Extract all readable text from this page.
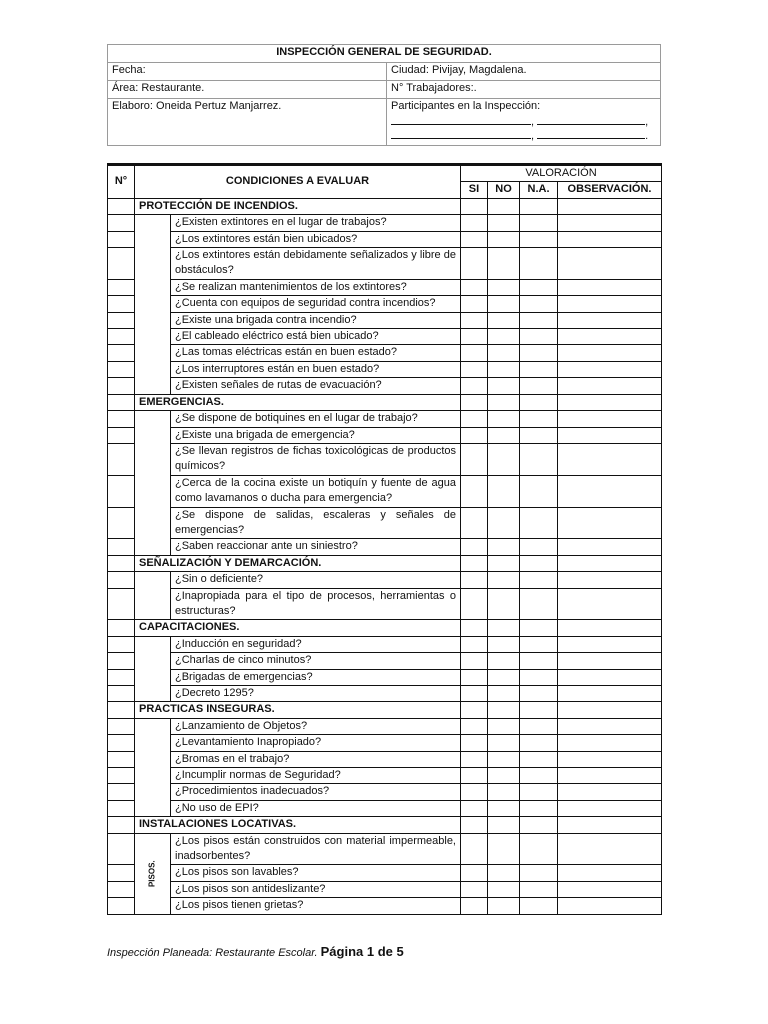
INSPECCIÓN GENERAL DE SEGURIDAD.	
Fecha:	Ciudad: Pivijay, Magdalena.
Área: Restaurante.	N° Trabajadores:.
Elaboro: Oneida Pertuz Manjarrez.	Participantes en la Inspección:
, ,
, .
N°	CONDICIONES A EVALUAR		VALORACIÓN			
			SI	NO	N.A.	OBSERVACIÓN.
	PROTECCIÓN DE INCENDIOS.					
		¿Existen extintores en el lugar de trabajos?				
		¿Los extintores están bien ubicados?				
		¿Los extintores están debidamente señalizados y libre de obstáculos?				
		¿Se realizan mantenimientos de los extintores?				
		¿Cuenta con equipos de seguridad contra incendios?				
		¿Existe una brigada contra incendio?				
		¿El cableado eléctrico está bien ubicado?				
		¿Las tomas eléctricas están en buen estado?				
		¿Los interruptores están en buen estado?				
		¿Existen señales de rutas de evacuación?				
	EMERGENCIAS.					
		¿Se dispone de botiquines en el lugar de trabajo?				
		¿Existe una brigada de emergencia?				
		¿Se llevan registros de fichas toxicológicas de productos químicos?				
		¿Cerca de la cocina existe un botiquín y fuente de agua como lavamanos o ducha para emergencia?				
		¿Se dispone de salidas, escaleras y señales de emergencias?				
		¿Saben reaccionar ante un siniestro?				
	SEÑALIZACIÓN Y DEMARCACIÓN.					
		¿Sin o deficiente?				
		¿Inapropiada para el tipo de procesos, herramientas o estructuras?				
	CAPACITACIONES.					
		¿Inducción en seguridad?				
		¿Charlas de cinco minutos?				
		¿Brigadas de emergencias?				
		¿Decreto 1295?				
	PRACTICAS INSEGURAS.					
		¿Lanzamiento de Objetos?				
		¿Levantamiento Inapropiado?				
		¿Bromas en el trabajo?				
		¿Incumplir normas de Seguridad?				
		¿Procedimientos inadecuados?				
		¿No uso de EPI?				
	INSTALACIONES LOCATIVAS.					
	PISOS.	¿Los pisos están construidos con material impermeable, inadsorbentes?				
		¿Los pisos son lavables?				
		¿Los pisos son antideslizante?				
		¿Los pisos tienen grietas?				
Inspección Planeada: Restaurante Escolar. Página 1 de 5
